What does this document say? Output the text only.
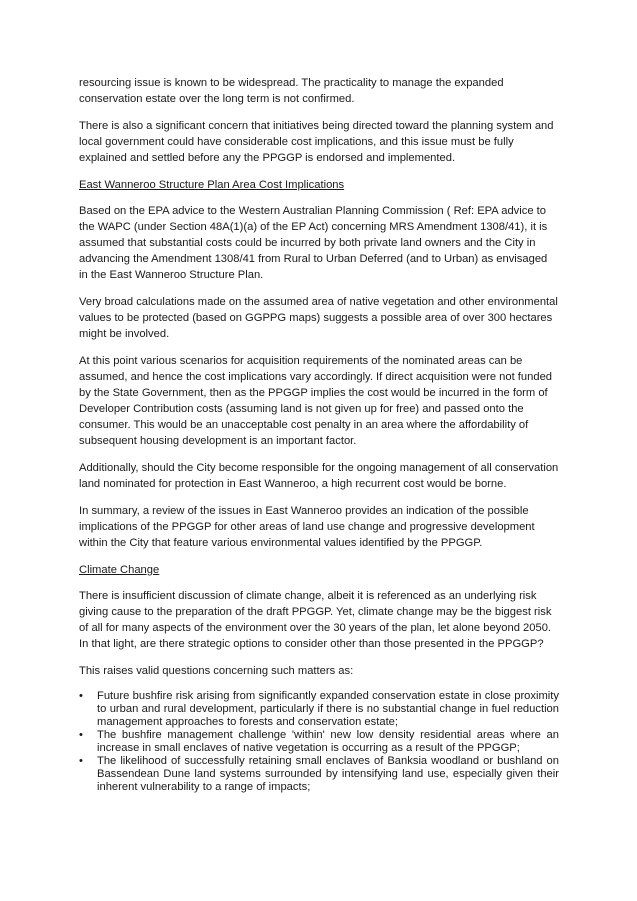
resourcing issue is known to be widespread. The practicality to manage the expanded conservation estate over the long term is not confirmed.

There is also a significant concern that initiatives being directed toward the planning system and local government could have considerable cost implications, and this issue must be fully explained and settled before any the PPGGP is endorsed and implemented.

East Wanneroo Structure Plan Area Cost Implications

Based on the EPA advice to the Western Australian Planning Commission ( Ref: EPA advice to the WAPC (under Section 48A(1)(a) of the EP Act) concerning MRS Amendment 1308/41), it is assumed that substantial costs could be incurred by both private land owners and the City in advancing the Amendment 1308/41 from Rural to Urban Deferred (and to Urban) as envisaged in the East Wanneroo Structure Plan.

Very broad calculations made on the assumed area of native vegetation and other environmental values to be protected (based on GGPPG maps) suggests a possible area of over 300 hectares might be involved.

At this point various scenarios for acquisition requirements of the nominated areas can be assumed, and hence the cost implications vary accordingly. If direct acquisition were not funded by the State Government, then as the PPGGP implies the cost would be incurred in the form of Developer Contribution costs (assuming land is not given up for free) and passed onto the consumer. This would be an unacceptable cost penalty in an area where the affordability of subsequent housing development is an important factor.

Additionally, should the City become responsible for the ongoing management of all conservation land nominated for protection in East Wanneroo, a high recurrent cost would be borne.

In summary, a review of the issues in East Wanneroo provides an indication of the possible implications of the PPGGP for other areas of land use change and progressive development within the City that feature various environmental values identified by the PPGGP.

Climate Change

There is insufficient discussion of climate change, albeit it is referenced as an underlying risk giving cause to the preparation of the draft PPGGP. Yet, climate change may be the biggest risk of all for many aspects of the environment over the 30 years of the plan, let alone beyond 2050. In that light, are there strategic options to consider other than those presented in the PPGGP?

This raises valid questions concerning such matters as:

• Future bushfire risk arising from significantly expanded conservation estate in close proximity to urban and rural development, particularly if there is no substantial change in fuel reduction management approaches to forests and conservation estate;
• The bushfire management challenge 'within' new low density residential areas where an increase in small enclaves of native vegetation is occurring as a result of the PPGGP;
• The likelihood of successfully retaining small enclaves of Banksia woodland or bushland on Bassendean Dune land systems surrounded by intensifying land use, especially given their inherent vulnerability to a range of impacts;
